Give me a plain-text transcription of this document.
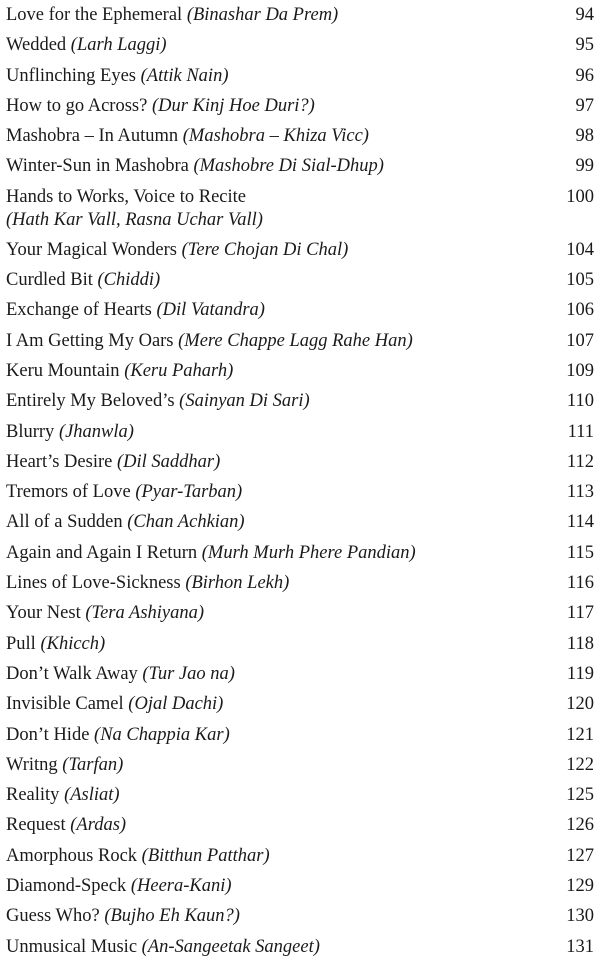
Love for the Ephemeral (Binashar Da Prem)	94
Wedded (Larh Laggi)	95
Unflinching Eyes (Attik Nain)	96
How to go Across? (Dur Kinj Hoe Duri?)	97
Mashobra – In Autumn (Mashobra – Khiza Vicc)	98
Winter-Sun in Mashobra (Mashobre Di Sial-Dhup)	99
Hands to Works, Voice to Recite
(Hath Kar Vall, Rasna Uchar Vall)
100
Your Magical Wonders (Tere Chojan Di Chal)	104
Curdled Bit (Chiddi)	105
Exchange of Hearts (Dil Vatandra)	106
I Am Getting My Oars (Mere Chappe Lagg Rahe Han)	107
Keru Mountain (Keru Paharh)	109
Entirely My Beloved’s (Sainyan Di Sari)	110
Blurry (Jhanwla)	111
Heart’s Desire (Dil Saddhar)	112
Tremors of Love (Pyar-Tarban)	113
All of a Sudden (Chan Achkian)	114
Again and Again I Return (Murh Murh Phere Pandian)	115
Lines of Love-Sickness (Birhon Lekh)	116
Your Nest (Tera Ashiyana)	117
Pull (Khicch)	118
Don’t Walk Away (Tur Jao na)	119
Invisible Camel (Ojal Dachi)	120
Don’t Hide (Na Chappia Kar)	121
Writng (Tarfan)	122
Reality (Asliat)	125
Request (Ardas)	126
Amorphous Rock (Bitthun Patthar)	127
Diamond-Speck (Heera-Kani)	129
Guess Who? (Bujho Eh Kaun?)	130
Unmusical Music (An-Sangeetak Sangeet)	131
